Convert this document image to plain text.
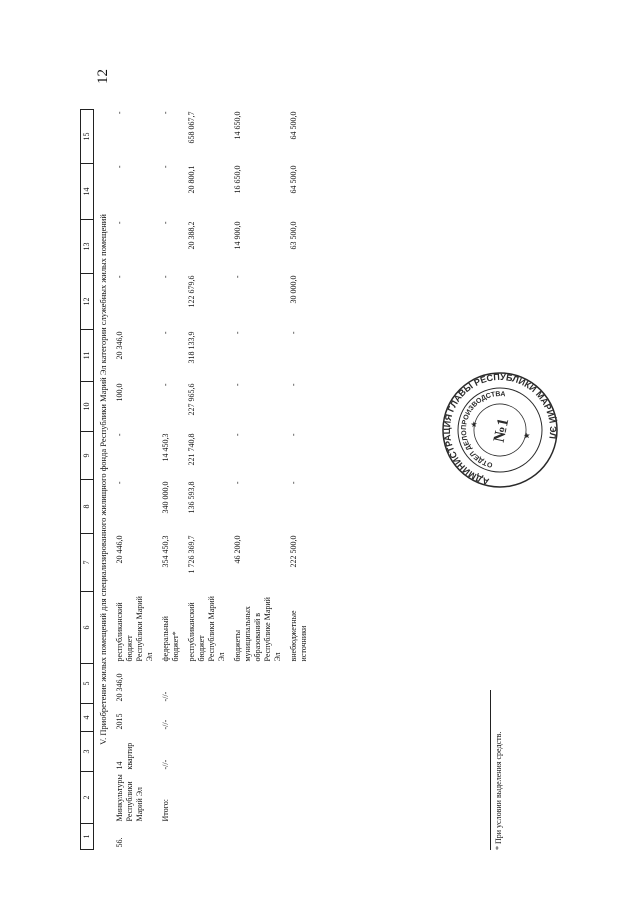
12
1	2	3	4	5	6	7	8	9	10	11	12	13	14	15
V. Приобретение жилых помещений для специализированного жилищного фонда Республики Марий Эл категории служебных жилых помещений														
56.	Минкультуры Республики Марий Эл	14 квартир	2015	20 346,0	республиканский бюджет Республики Марий Эл	20 446,0	-	-	100,0	20 346,0	-	-	-	-
	Итого:	-//-	-//-	-//-	федеральный бюджет*	354 450,3	340 000,0	14 450,3	-	-	-	-	-	-
					республиканский бюджет Республики Марий Эл	1 726 369,7	136 593,8	221 740,8	227 965,6	318 133,9	122 679,6	20 388,2	20 800,1	658 067,7
					бюджеты муниципальных образований в Республике Марий Эл	46 200,0	-	-	-	-	-	14 900,0	16 650,0	14 650,0
					внебюджетные источники	222 500,0	-	-	-	-	30 000,0	63 500,0	64 500,0	64 500,0
* При условии выделения средств.
АДМИНИСТРАЦИЯ ГЛАВЫ РЕСПУБЛИКИ МАРИЙ ЭЛ
ОТДЕЛ ДЕЛОПРОИЗВОДСТВА
№1 ★
★
